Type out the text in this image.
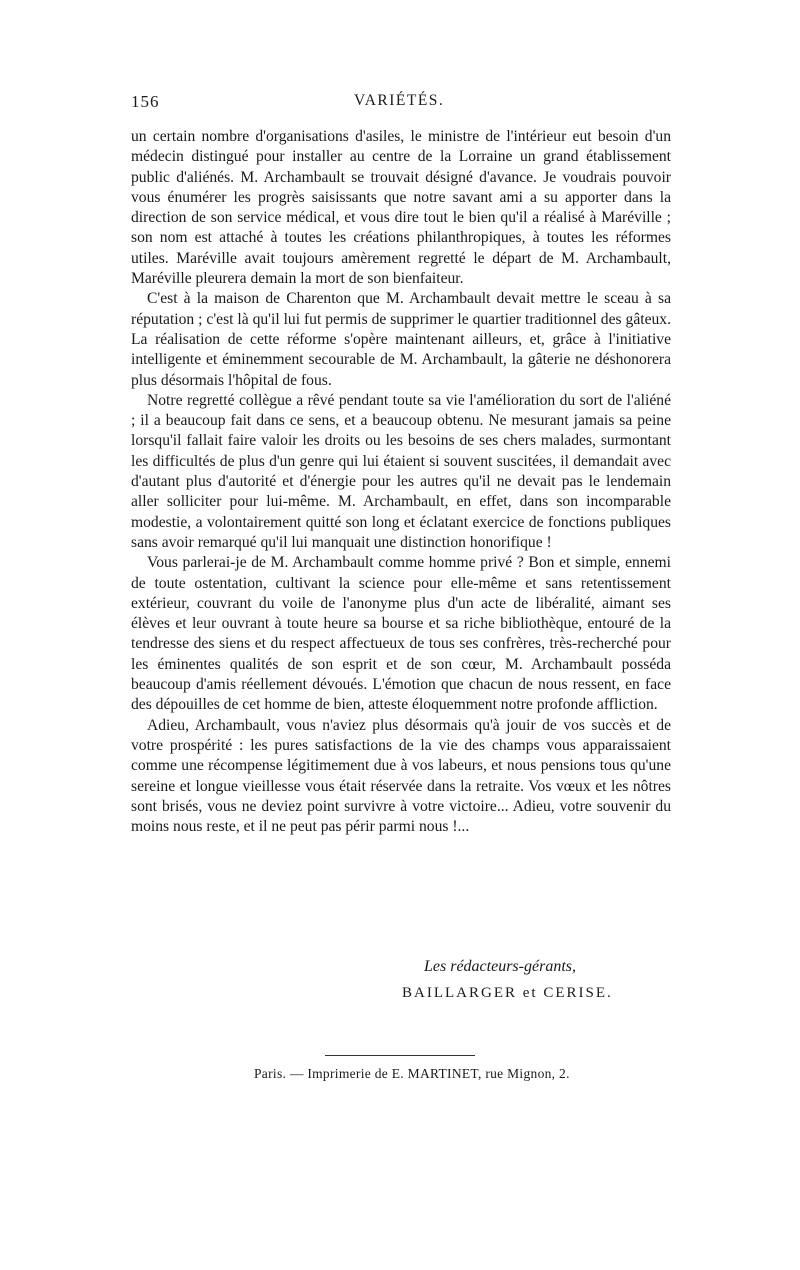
156	VARIÉTÉS.

un certain nombre d'organisations d'asiles, le ministre de l'intérieur eut besoin d'un médecin distingué pour installer au centre de la Lorraine un grand établissement public d'aliénés. M. Archambault se trouvait désigné d'avance. Je voudrais pouvoir vous énumérer les progrès saisissants que notre savant ami a su apporter dans la direction de son service médical, et vous dire tout le bien qu'il a réalisé à Maréville ; son nom est attaché à toutes les créations philanthropiques, à toutes les réformes utiles. Maréville avait toujours amèrement regretté le départ de M. Archambault, Maréville pleurera demain la mort de son bienfaiteur.

C'est à la maison de Charenton que M. Archambault devait mettre le sceau à sa réputation ; c'est là qu'il lui fut permis de supprimer le quartier traditionnel des gâteux. La réalisation de cette réforme s'opère maintenant ailleurs, et, grâce à l'initiative intelligente et éminemment secourable de M. Archambault, la gâterie ne déshonorera plus désormais l'hôpital de fous.

Notre regretté collègue a rêvé pendant toute sa vie l'amélioration du sort de l'aliéné ; il a beaucoup fait dans ce sens, et a beaucoup obtenu. Ne mesurant jamais sa peine lorsqu'il fallait faire valoir les droits ou les besoins de ses chers malades, surmontant les difficultés de plus d'un genre qui lui étaient si souvent suscitées, il demandait avec d'autant plus d'autorité et d'énergie pour les autres qu'il ne devait pas le lendemain aller solliciter pour lui-même. M. Archambault, en effet, dans son incomparable modestie, a volontairement quitté son long et éclatant exercice de fonctions publiques sans avoir remarqué qu'il lui manquait une distinction honorifique !

Vous parlerai-je de M. Archambault comme homme privé ? Bon et simple, ennemi de toute ostentation, cultivant la science pour elle-même et sans retentissement extérieur, couvrant du voile de l'anonyme plus d'un acte de libéralité, aimant ses élèves et leur ouvrant à toute heure sa bourse et sa riche bibliothèque, entouré de la tendresse des siens et du respect affectueux de tous ses confrères, très-recherché pour les éminentes qualités de son esprit et de son cœur, M. Archambault posséda beaucoup d'amis réellement dévoués. L'émotion que chacun de nous ressent, en face des dépouilles de cet homme de bien, atteste éloquemment notre profonde affliction.

Adieu, Archambault, vous n'aviez plus désormais qu'à jouir de vos succès et de votre prospérité : les pures satisfactions de la vie des champs vous apparaissaient comme une récompense légitimement due à vos labeurs, et nous pensions tous qu'une sereine et longue vieillesse vous était réservée dans la retraite. Vos vœux et les nôtres sont brisés, vous ne deviez point survivre à votre victoire... Adieu, votre souvenir du moins nous reste, et il ne peut pas périr parmi nous !...

Les rédacteurs-gérants,
BAILLARGER et CERISE.
Paris. — Imprimerie de E. MARTINET, rue Mignon, 2.
